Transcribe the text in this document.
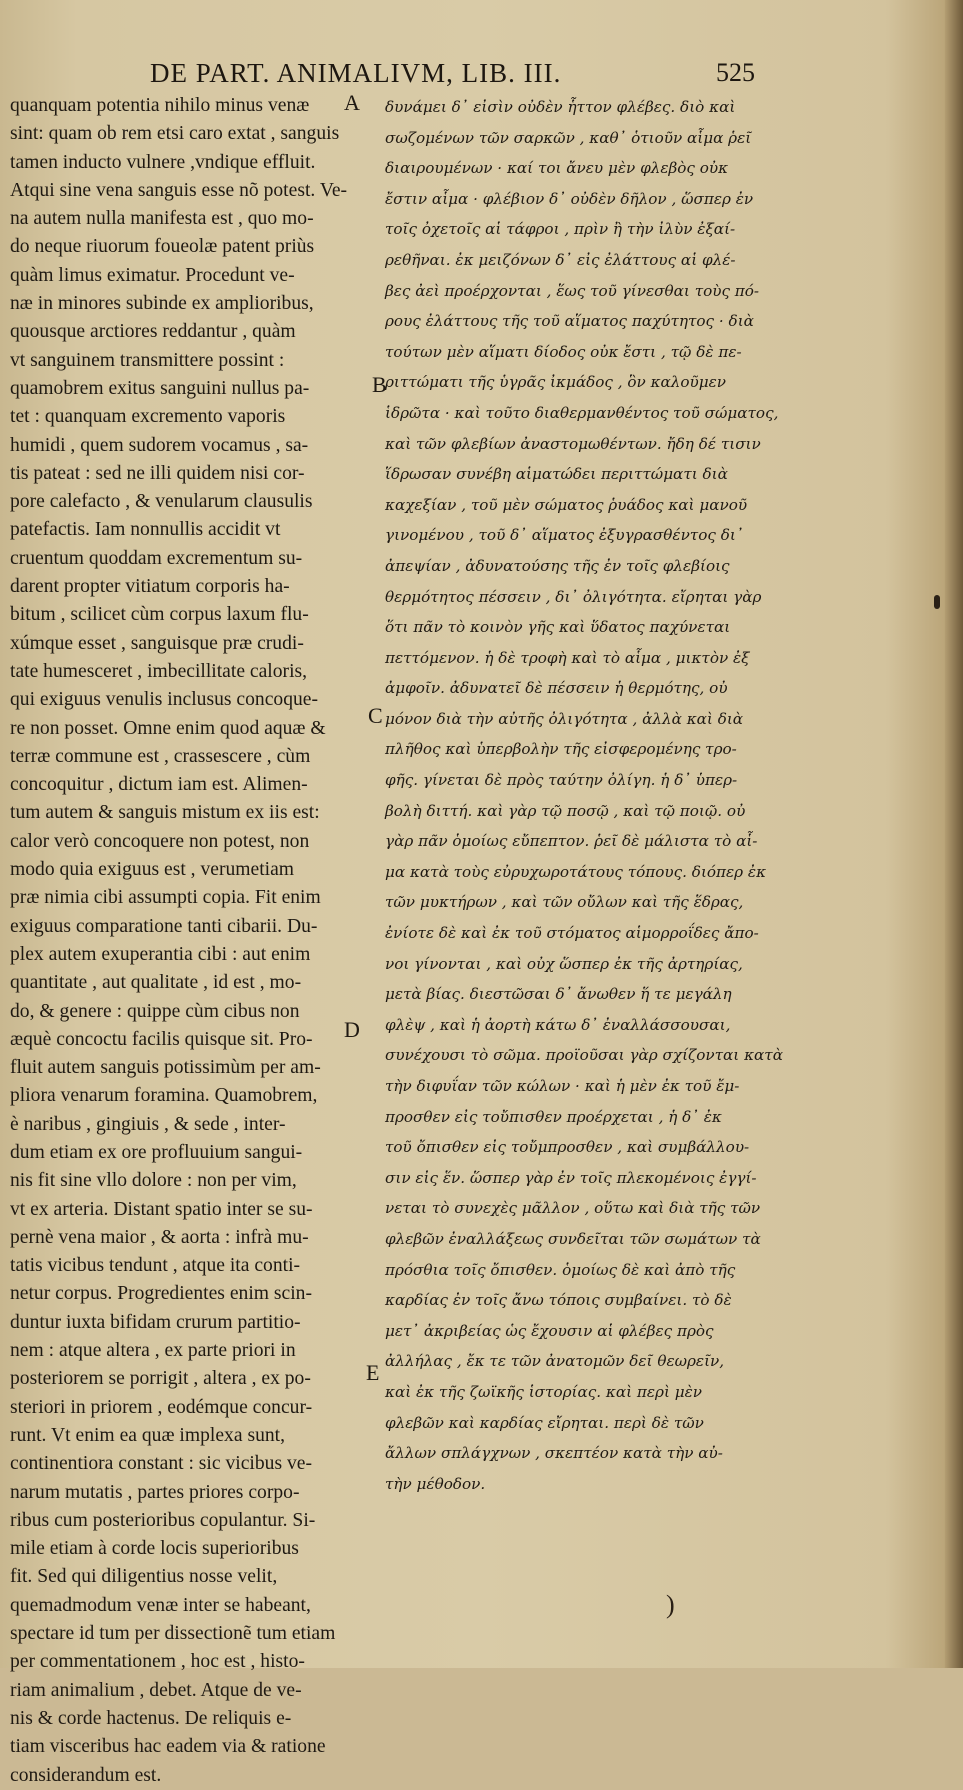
DE PART. ANIMALIVM, LIB. III.	525
quanquam potentia nihilo minus venæ
sint: quam ob rem etsi caro extat , sanguis
tamen inducto vulnere ,vndique effluit.
Atqui sine vena sanguis esse nõ potest. Ve-
na autem nulla manifesta est , quo mo-
do neque riuorum foueolæ patent priùs
quàm limus eximatur. Procedunt ve-
næ in minores subinde ex amplioribus,
quousque arctiores reddantur , quàm
vt sanguinem transmittere possint :
quamobrem exitus sanguini nullus pa-
tet : quanquam excremento vaporis
humidi , quem sudorem vocamus , sa-
tis pateat : sed ne illi quidem nisi cor-
pore calefacto , & venularum clausulis
patefactis. Iam nonnullis accidit vt
cruentum quoddam excrementum su-
darent propter vitiatum corporis ha-
bitum , scilicet cùm corpus laxum flu-
xúmque esset , sanguisque præ crudi-
tate humesceret , imbecillitate caloris,
qui exiguus venulis inclusus concoque-
re non posset. Omne enim quod aquæ &
terræ commune est , crassescere , cùm
concoquitur , dictum iam est. Alimen-
tum autem & sanguis mistum ex iis est:
calor verò concoquere non potest, non
modo quia exiguus est , verumetiam
præ nimia cibi assumpti copia. Fit enim
exiguus comparatione tanti cibarii. Du-
plex autem exuperantia cibi : aut enim
quantitate , aut qualitate , id est , mo-
do, & genere : quippe cùm cibus non
æquè concoctu facilis quisque sit. Pro-
fluit autem sanguis potissimùm per am-
pliora venarum foramina. Quamobrem,
è naribus , gingiuis , & sede , inter-
dum etiam ex ore profluuium sangui-
nis fit sine vllo dolore : non per vim,
vt ex arteria. Distant spatio inter se su-
pernè vena maior , & aorta : infrà mu-
tatis vicibus tendunt , atque ita conti-
netur corpus. Progredientes enim scin-
duntur iuxta bifidam crurum partitio-
nem : atque altera , ex parte priori in
posteriorem se porrigit , altera , ex po-
steriori in priorem , eodémque concur-
runt. Vt enim ea quæ implexa sunt,
continentiora constant : sic vicibus ve-
narum mutatis , partes priores corpo-
ribus cum posterioribus copulantur. Si-
mile etiam à corde locis superioribus
fit. Sed qui diligentius nosse velit,
quemadmodum venæ inter se habeant,
spectare id tum per dissectionẽ tum etiam
per commentationem , hoc est , histo-
riam animalium , debet. Atque de ve-
nis & corde hactenus. De reliquis e-
tiam visceribus hac eadem via & ratione
considerandum est.
δυνάμει δ᾽ εἰσὶν οὐδὲν ἧττον φλέβες. διὸ καὶ
σωζομένων τῶν σαρκῶν , καθ᾽ ὁτιοῦν αἷμα ῥεῖ
διαιρουμένων · καί τοι ἄνευ μὲν φλεβὸς οὐκ
ἔστιν αἷμα · φλέβιον δ᾽ οὐδὲν δῆλον , ὥσπερ ἐν
τοῖς ὀχετοῖς αἱ τάφροι , πρὶν ἢ τὴν ἰλὺν ἐξαί-
ρεθῆναι. ἐκ μειζόνων δ᾽ εἰς ἐλάττους αἱ φλέ-
βες ἀεὶ προέρχονται , ἕως τοῦ γίνεσθαι τοὺς πό-
ρους ἐλάττους τῆς τοῦ αἵματος παχύτητος · διὰ
τούτων μὲν αἵματι δίοδος οὐκ ἔστι , τῷ δὲ πε-
ριττώματι τῆς ὑγρᾶς ἰκμάδος , ὃν καλοῦμεν
ἱδρῶτα · καὶ τοῦτο διαθερμανθέντος τοῦ σώματος,
καὶ τῶν φλεβίων ἀναστομωθέντων. ἤδη δέ τισιν
ἵδρωσαν συνέβη αἱματώδει περιττώματι διὰ
καχεξίαν , τοῦ μὲν σώματος ῥυάδος καὶ μανοῦ
γινομένου , τοῦ δ᾽ αἵματος ἐξυγρασθέντος δι᾽
ἀπεψίαν , ἀδυνατούσης τῆς ἐν τοῖς φλεβίοις
θερμότητος πέσσειν , δι᾽ ὀλιγότητα. εἴρηται γὰρ
ὅτι πᾶν τὸ κοινὸν γῆς καὶ ὕδατος παχύνεται
πεττόμενον. ἡ δὲ τροφὴ καὶ τὸ αἷμα , μικτὸν ἐξ
ἀμφοῖν. ἀδυνατεῖ δὲ πέσσειν ἡ θερμότης, οὐ
μόνον διὰ τὴν αὐτῆς ὀλιγότητα , ἀλλὰ καὶ διὰ
πλῆθος καὶ ὑπερβολὴν τῆς εἰσφερομένης τρο-
φῆς. γίνεται δὲ πρὸς ταύτην ὀλίγη. ἡ δ᾽ ὑπερ-
βολὴ διττή. καὶ γὰρ τῷ ποσῷ , καὶ τῷ ποιῷ. οὐ
γὰρ πᾶν ὁμοίως εὔπεπτον. ῥεῖ δὲ μάλιστα τὸ αἷ-
μα κατὰ τοὺς εὐρυχωροτάτους τόπους. διόπερ ἐκ
τῶν μυκτήρων , καὶ τῶν οὔλων καὶ τῆς ἕδρας,
ἐνίοτε δὲ καὶ ἐκ τοῦ στόματος αἱμορροΐδες ἄπο-
νοι γίνονται , καὶ οὐχ ὥσπερ ἐκ τῆς ἀρτηρίας,
μετὰ βίας. διεστῶσαι δ᾽ ἄνωθεν ἥ τε μεγάλη
φλὲψ , καὶ ἡ ἀορτὴ κάτω δ᾽ ἐναλλάσσουσαι,
συνέχουσι τὸ σῶμα. προϊοῦσαι γὰρ σχίζονται κατὰ
τὴν διφυΐαν τῶν κώλων · καὶ ἡ μὲν ἐκ τοῦ ἔμ-
προσθεν εἰς τοὔπισθεν προέρχεται , ἡ δ᾽ ἐκ
τοῦ ὄπισθεν εἰς τοὔμπροσθεν , καὶ συμβάλλου-
σιν εἰς ἕν. ὥσπερ γὰρ ἐν τοῖς πλεκομένοις ἐγγί-
νεται τὸ συνεχὲς μᾶλλον , οὕτω καὶ διὰ τῆς τῶν
φλεβῶν ἐναλλάξεως συνδεῖται τῶν σωμάτων τὰ
πρόσθια τοῖς ὄπισθεν. ὁμοίως δὲ καὶ ἀπὸ τῆς
καρδίας ἐν τοῖς ἄνω τόποις συμβαίνει. τὸ δὲ
μετ᾽ ἀκριβείας ὡς ἔχουσιν αἱ φλέβες πρὸς
ἀλλήλας , ἔκ τε τῶν ἀνατομῶν δεῖ θεωρεῖν,
καὶ ἐκ τῆς ζωϊκῆς ἱστορίας. καὶ περὶ μὲν
φλεβῶν καὶ καρδίας εἴρηται. περὶ δὲ τῶν
ἄλλων σπλάγχνων , σκεπτέον κατὰ τὴν αὐ-
τὴν μέθοδον.
A
B
C
D
E
)
